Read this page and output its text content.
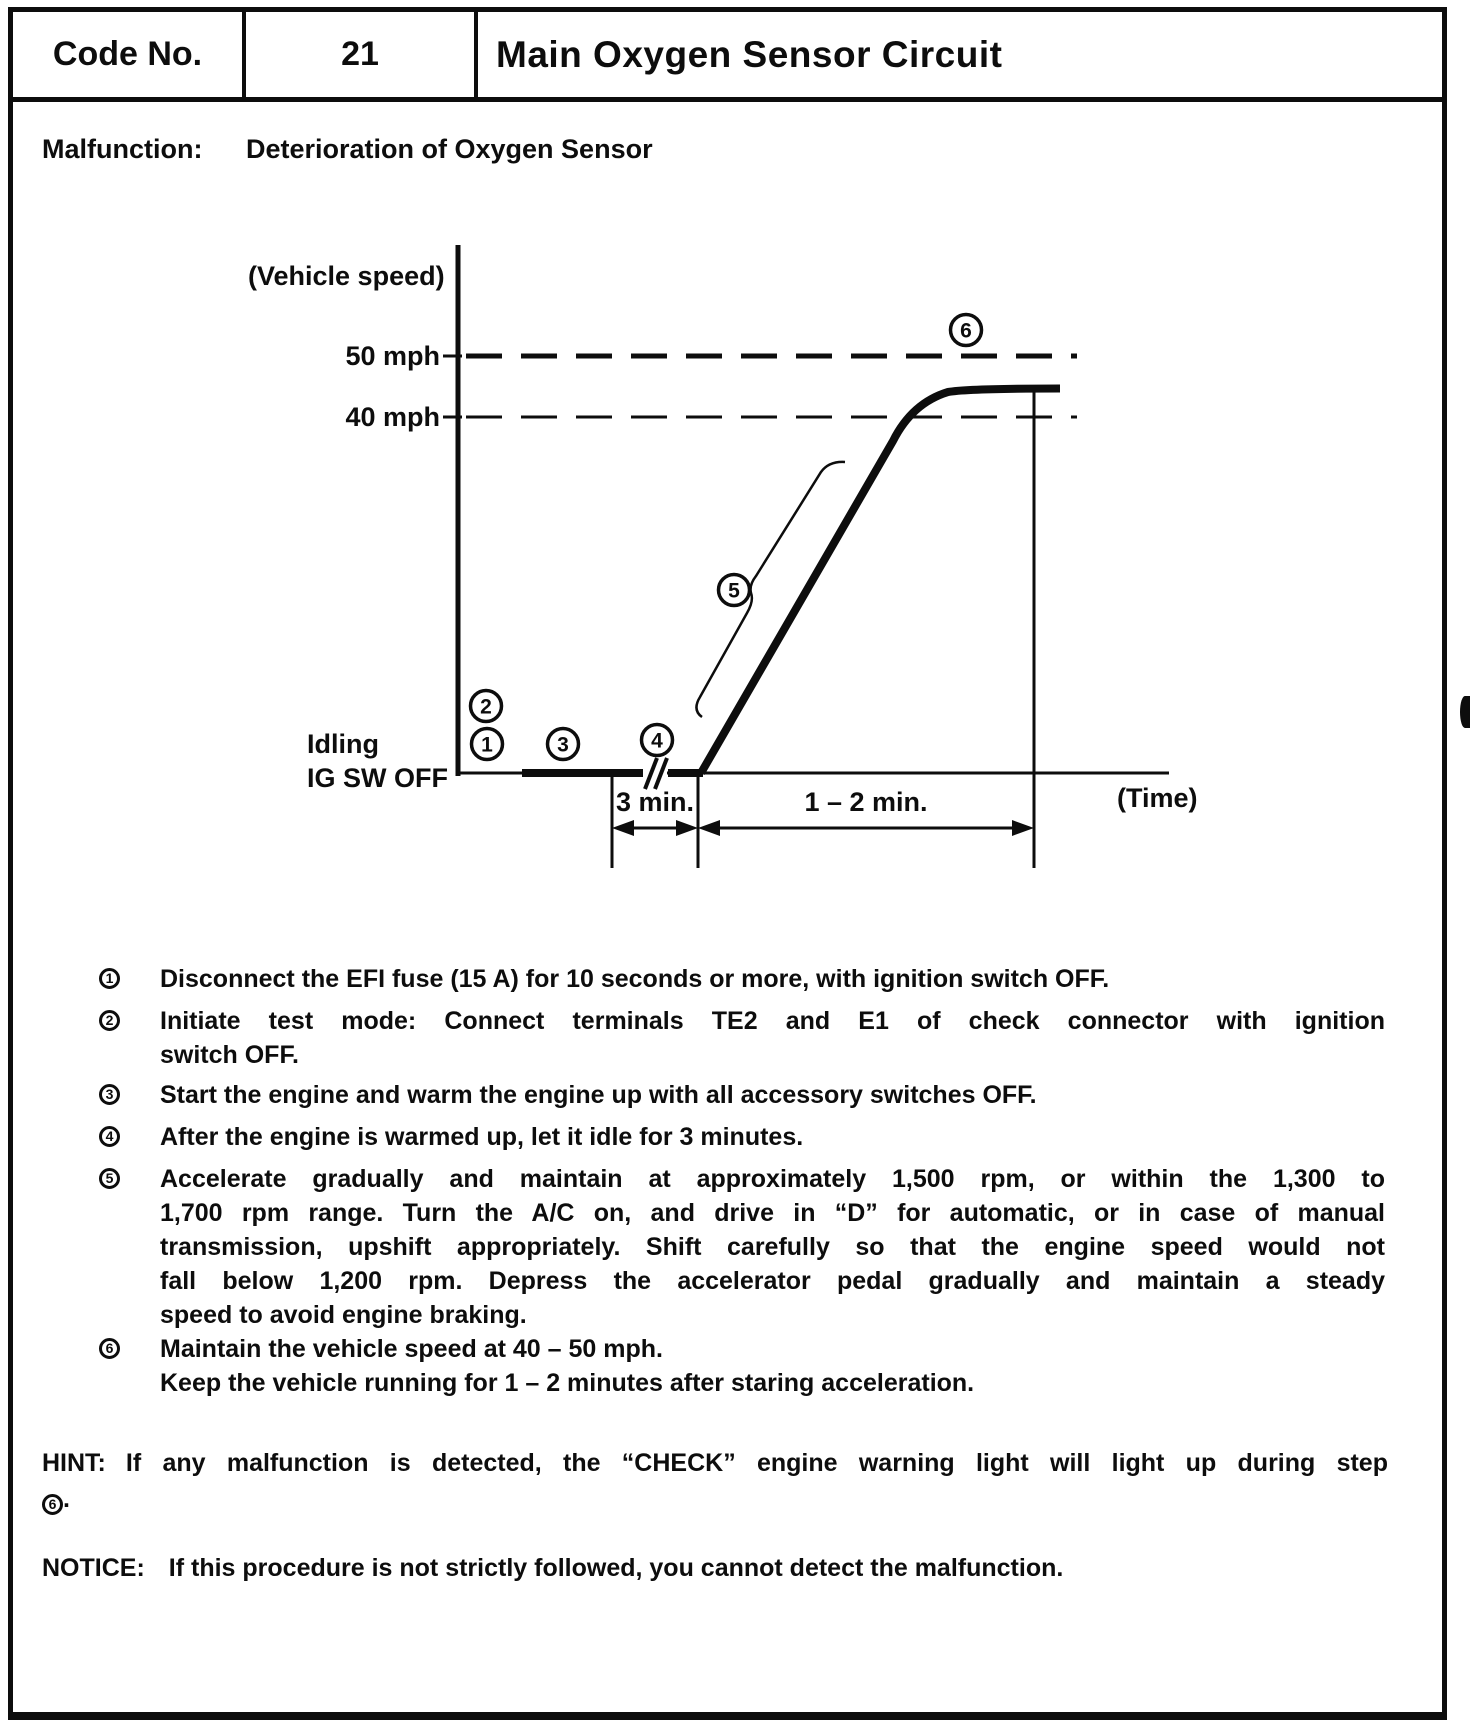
Code No.	21	Main Oxygen Sensor Circuit
Malfunction: Deterioration of Oxygen Sensor
1
2
3	4
5
6
(Vehicle speed)
50 mph
40 mph
Idling
IG SW OFF
3 min.	1 – 2 min.	(Time)
1 Disconnect the EFI fuse (15 A) for 10 seconds or more, with ignition switch OFF.
2 Initiate test mode: Connect terminals TE2 and E1 of check connector with ignition
switch OFF.
3 Start the engine and warm the engine up with all accessory switches OFF.
4 After the engine is warmed up, let it idle for 3 minutes.
5 Accelerate gradually and maintain at approximately 1,500 rpm, or within the 1,300 to
1,700 rpm range. Turn the A/C on, and drive in “D” for automatic, or in case of manual
transmission, upshift appropriately. Shift carefully so that the engine speed would not
fall below 1,200 rpm. Depress the accelerator pedal gradually and maintain a steady
speed to avoid engine braking.
6 Maintain the vehicle speed at 40 – 50 mph.
Keep the vehicle running for 1 – 2 minutes after staring acceleration.
HINT: If any malfunction is detected, the “CHECK” engine warning light will light up during step
6 .
NOTICE: If this procedure is not strictly followed, you cannot detect the malfunction.
